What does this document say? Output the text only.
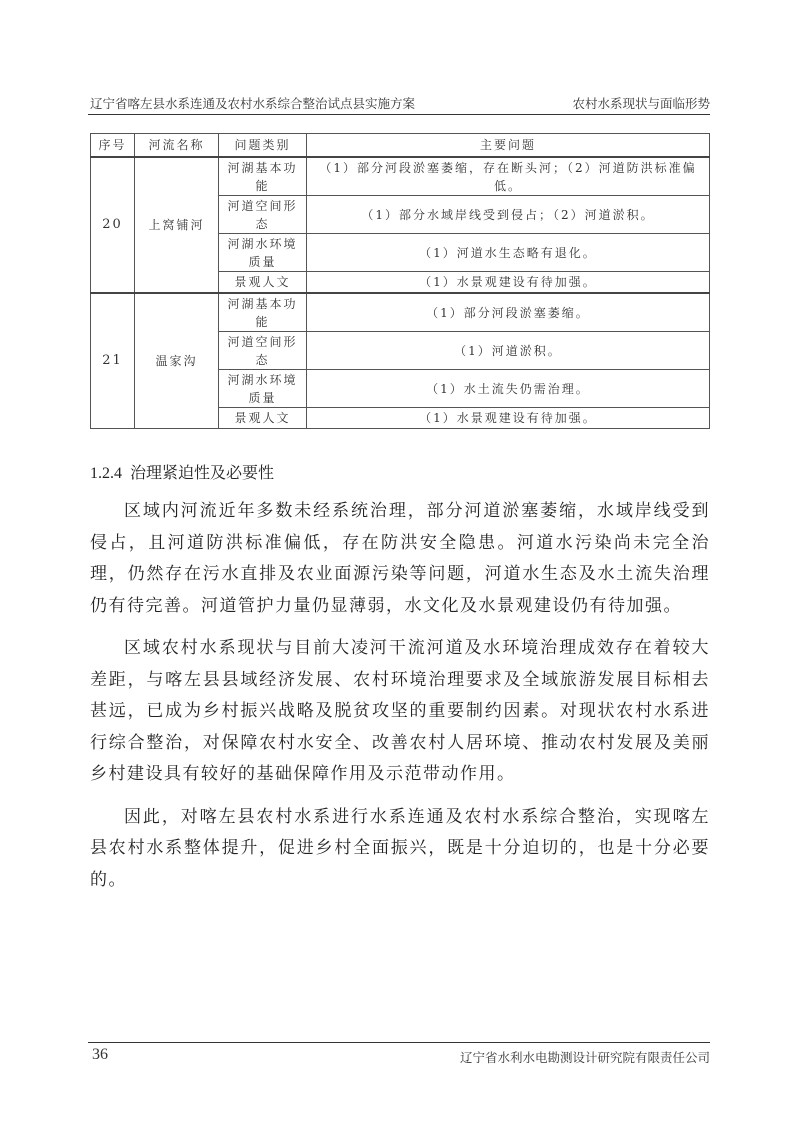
辽宁省喀左县水系连通及农村水系综合整治试点县实施方案	农村水系现状与面临形势
序号	河流名称	问题类别	主要问题
20	上窝铺河	河湖基本功能	（1）部分河段淤塞萎缩，存在断头河；（2）河道防洪标准偏低。
		河道空间形态	（1）部分水域岸线受到侵占；（2）河道淤积。
		河湖水环境质量	（1）河道水生态略有退化。
		景观人文	（1）水景观建设有待加强。
21	温家沟	河湖基本功能	（1）部分河段淤塞萎缩。
		河道空间形态	（1）河道淤积。
		河湖水环境质量	（1）水土流失仍需治理。
		景观人文	（1）水景观建设有待加强。
1.2.4 治理紧迫性及必要性

区域内河流近年多数未经系统治理，部分河道淤塞萎缩，水域岸线受到侵占，且河道防洪标准偏低，存在防洪安全隐患。河道水污染尚未完全治理，仍然存在污水直排及农业面源污染等问题，河道水生态及水土流失治理仍有待完善。河道管护力量仍显薄弱，水文化及水景观建设仍有待加强。

区域农村水系现状与目前大凌河干流河道及水环境治理成效存在着较大差距，与喀左县县域经济发展、农村环境治理要求及全域旅游发展目标相去甚远，已成为乡村振兴战略及脱贫攻坚的重要制约因素。对现状农村水系进行综合整治，对保障农村水安全、改善农村人居环境、推动农村发展及美丽乡村建设具有较好的基础保障作用及示范带动作用。

因此，对喀左县农村水系进行水系连通及农村水系综合整治，实现喀左县农村水系整体提升，促进乡村全面振兴，既是十分迫切的，也是十分必要的。

36	辽宁省水利水电勘测设计研究院有限责任公司
